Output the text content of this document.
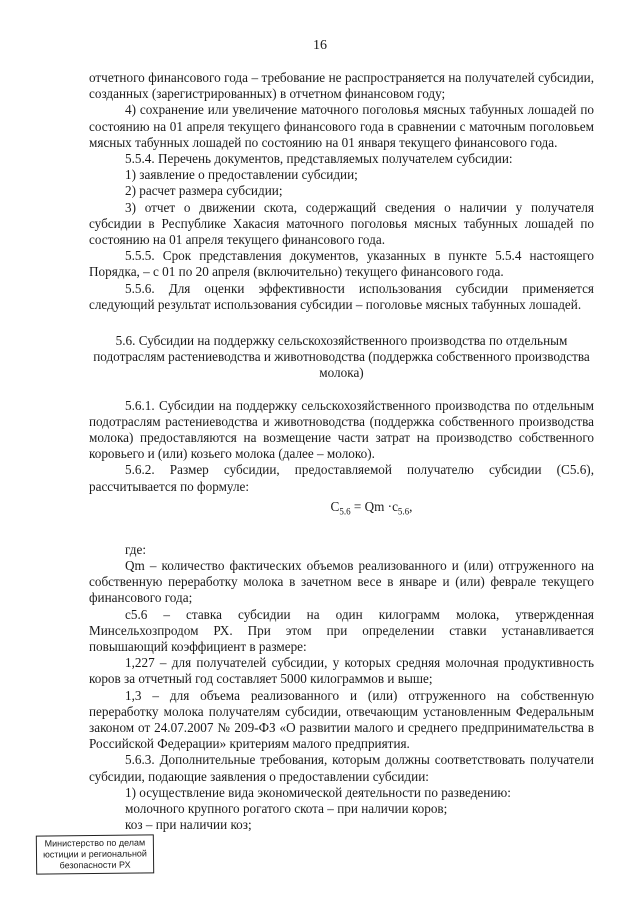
16

отчетного финансового года – требование не распространяется на получателей субсидии, созданных (зарегистрированных) в отчетном финансовом году;

4) сохранение или увеличение маточного поголовья мясных табунных лошадей по состоянию на 01 апреля текущего финансового года в сравнении с маточным поголовьем мясных табунных лошадей по состоянию на 01 января текущего финансового года.

5.5.4. Перечень документов, представляемых получателем субсидии:

1) заявление о предоставлении субсидии;

2) расчет размера субсидии;

3) отчет о движении скота, содержащий сведения о наличии у получателя субсидии в Республике Хакасия маточного поголовья мясных табунных лошадей по состоянию на 01 апреля текущего финансового года.

5.5.5. Срок представления документов, указанных в пункте 5.5.4 настоящего Порядка, – с 01 по 20 апреля (включительно) текущего финансового года.

5.5.6. Для оценки эффективности использования субсидии применяется следующий результат использования субсидии – поголовье мясных табунных лошадей.

5.6. Субсидии на поддержку сельскохозяйственного производства по отдельным подотраслям растениеводства и животноводства (поддержка собственного производства молока)

5.6.1. Субсидии на поддержку сельскохозяйственного производства по отдельным подотраслям растениеводства и животноводства (поддержка собственного производства молока) предоставляются на возмещение части затрат на производство собственного коровьего и (или) козьего молока (далее – молоко).

5.6.2. Размер субсидии, предоставляемой получателю субсидии (С5.6), рассчитывается по формуле:

$C_{5.6} = Qm \cdot c_{5.6}$,

где:

Qm – количество фактических объемов реализованного и (или) отгруженного на собственную переработку молока в зачетном весе в январе и (или) феврале текущего финансового года;

c5.6 – ставка субсидии на один килограмм молока, утвержденная Минсельхозпродом РХ. При этом при определении ставки устанавливается повышающий коэффициент в размере:

1,227 – для получателей субсидии, у которых средняя молочная продуктивность коров за отчетный год составляет 5000 килограммов и выше;

1,3 – для объема реализованного и (или) отгруженного на собственную переработку молока получателям субсидии, отвечающим установленным Федеральным законом от 24.07.2007 № 209-ФЗ «О развитии малого и среднего предпринимательства в Российской Федерации» критериям малого предприятия.

5.6.3. Дополнительные требования, которым должны соответствовать получатели субсидии, подающие заявления о предоставлении субсидии:

1) осуществление вида экономической деятельности по разведению:

молочного крупного рогатого скота – при наличии коров;

коз – при наличии коз;

Министерство по делам
юстиции и региональной
безопасности РХ
